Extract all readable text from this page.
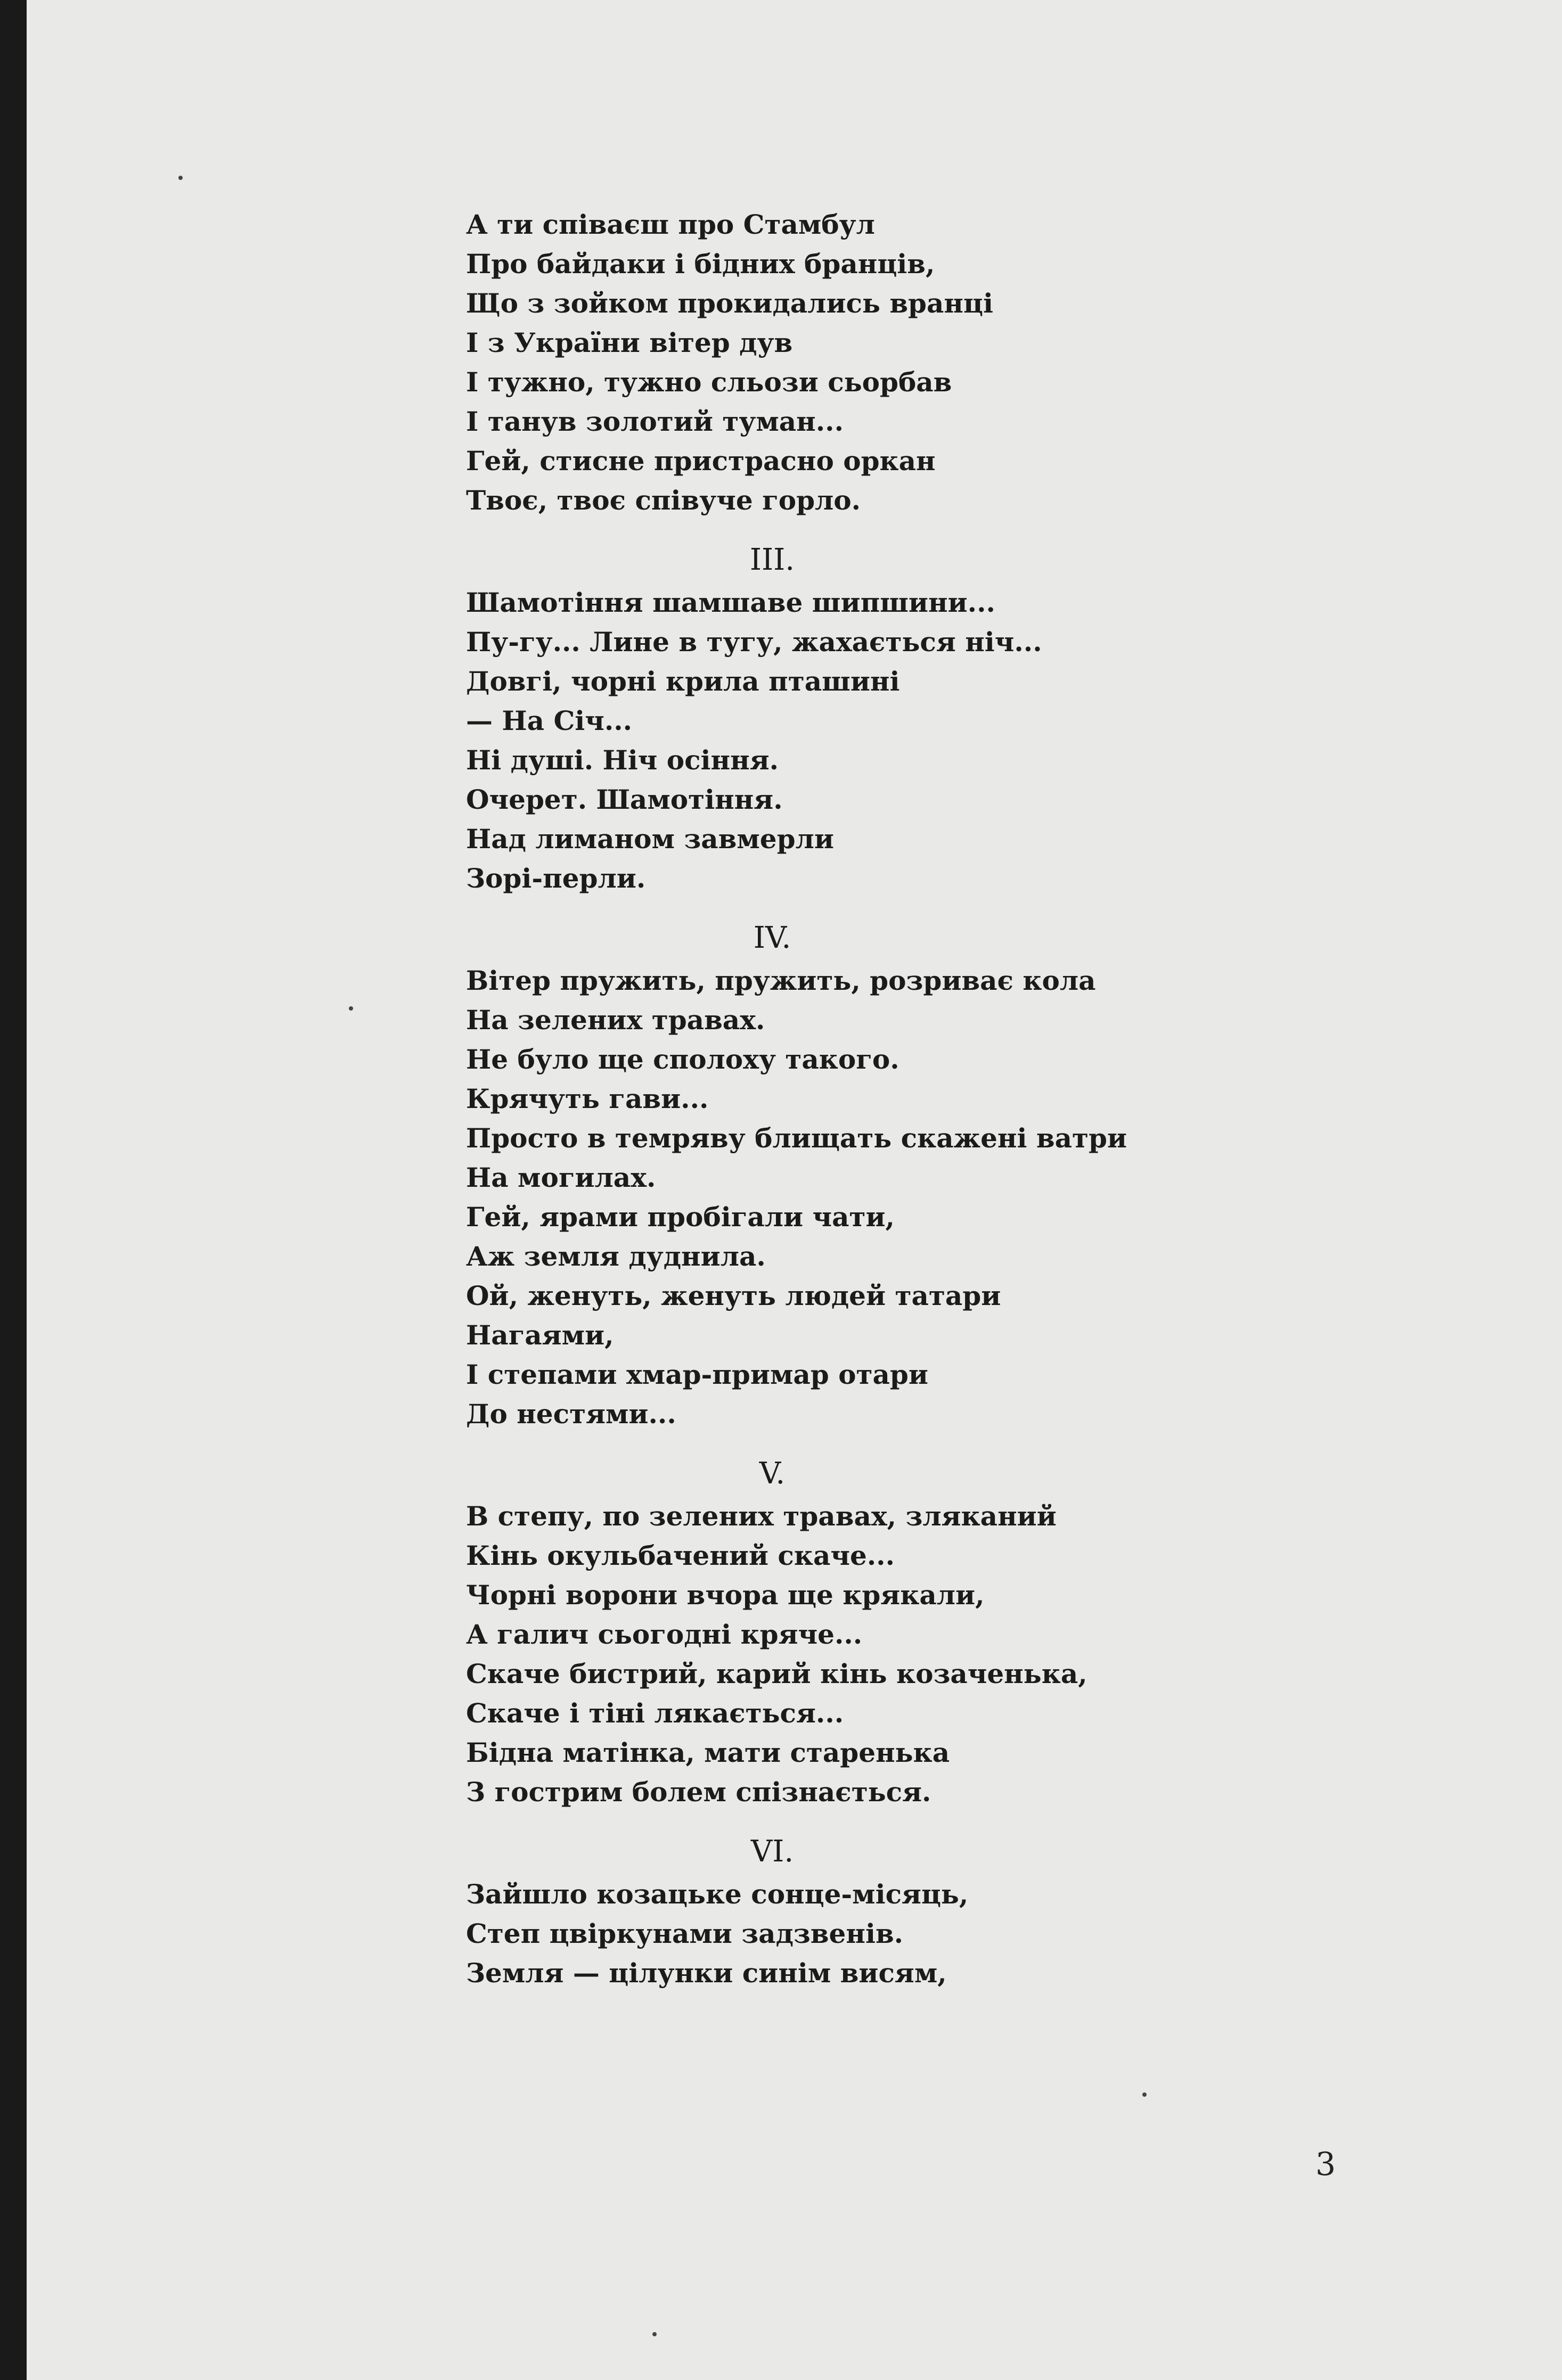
А ти співаєш про Стамбул
Про байдаки і бідних бранців,
Що з зойком прокидались вранці
І з України вітер дув
І тужно, тужно сльози сьорбав
І танув золотий туман...
Гей, стисне пристрасно оркан
Твоє, твоє співуче горло.
III.
Шамотіння шамшаве шипшини...
Пу-гу... Лине в тугу, жахається ніч...
Довгі, чорні крила пташині
— На Січ...
Ні душі. Ніч осіння.
Очерет. Шамотіння.
Над лиманом завмерли
Зорі-перли.
IV.
Вітер пружить, пружить, розриває кола
На зелених травах.
Не було ще сполоху такого.
Крячуть гави...
Просто в темряву блищать скажені ватри
На могилах.
Гей, ярами пробігали чати,
Аж земля дуднила.
Ой, женуть, женуть людей татари
Нагаями,
І степами хмар-примар отари
До нестями...
V.
В степу, по зелених травах, зляканий
Кінь окульбачений скаче...
Чорні ворони вчора ще крякали,
А галич сьогодні кряче...
Скаче бистрий, карий кінь козаченька,
Скаче і тіні лякається...
Бідна матінка, мати старенька
З гострим болем спізнається.
VI.
Зайшло козацьке сонце-місяць,
Степ цвіркунами задзвенів.
Земля — цілунки синім висям,
3
